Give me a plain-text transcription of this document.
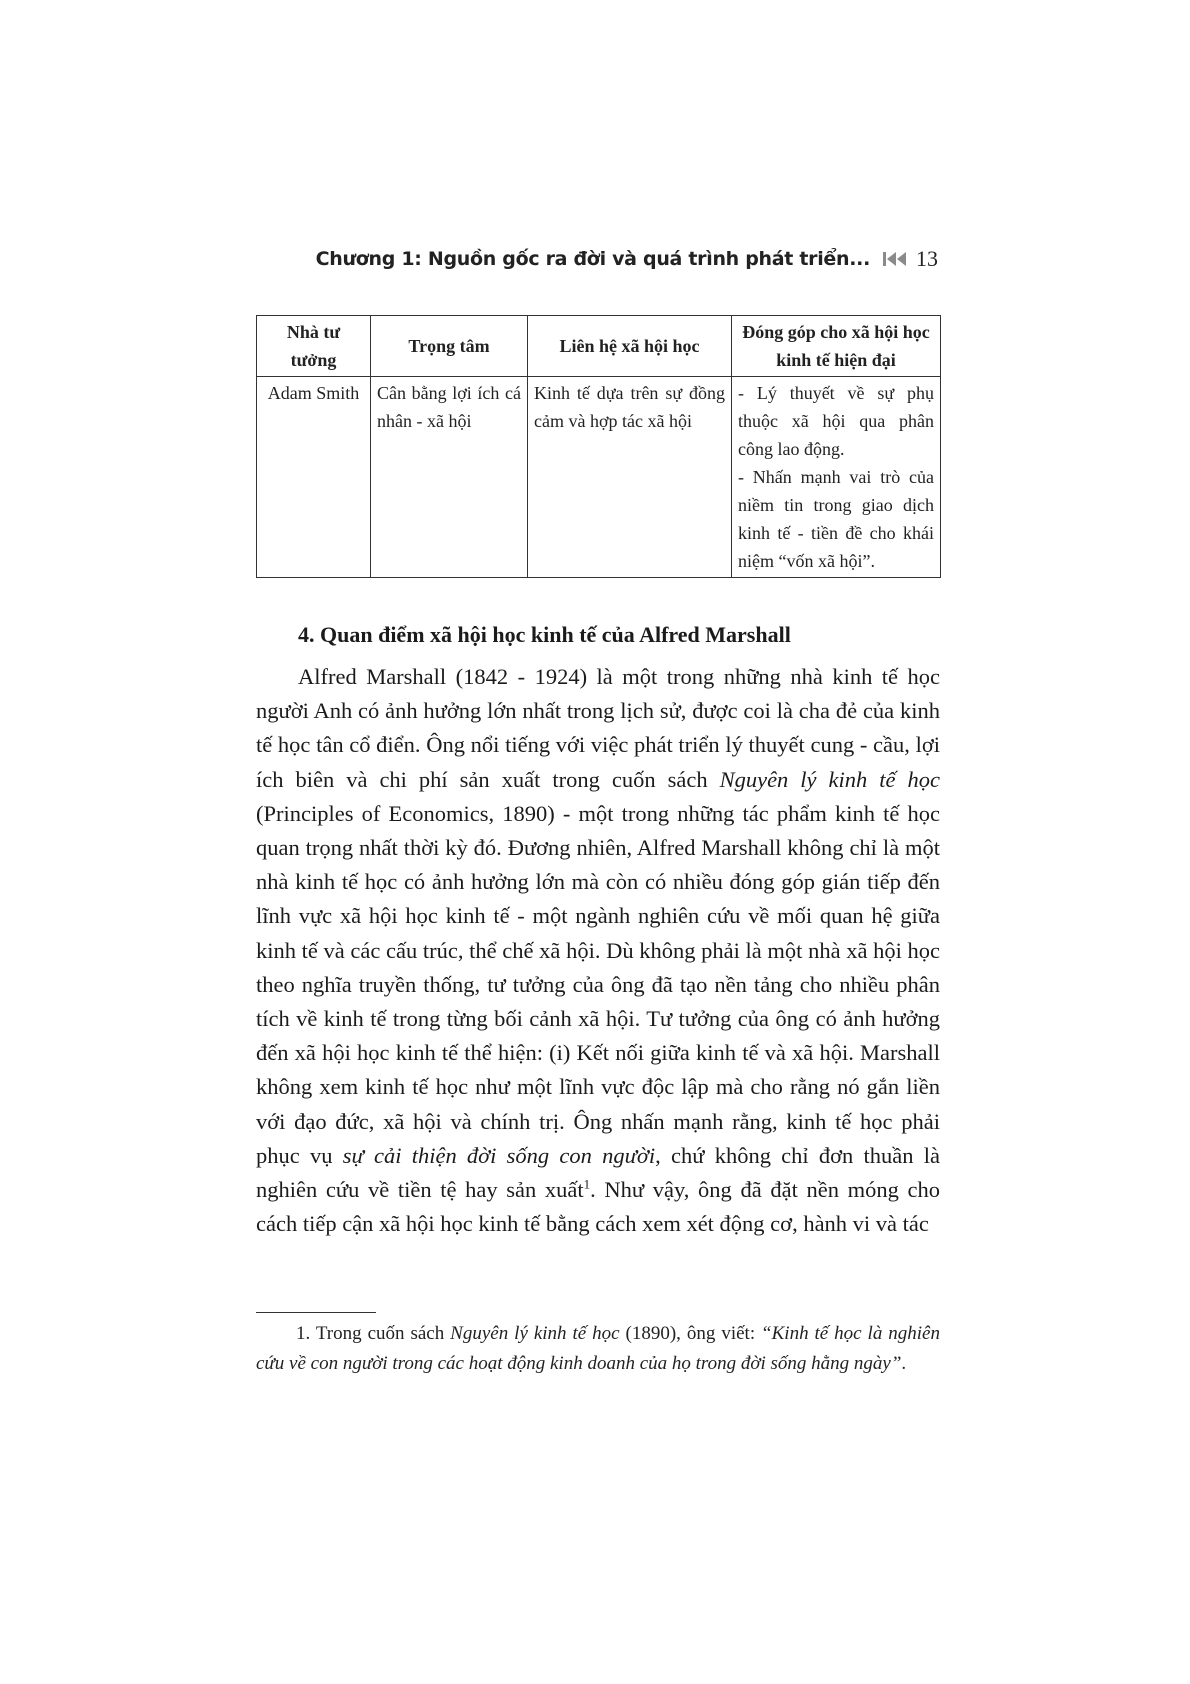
Chương 1: Nguồn gốc ra đời và quá trình phát triển... 13
Nhà tư tưởng	Trọng tâm	Liên hệ xã hội học	Đóng góp cho xã hội học kinh tế hiện đại
Adam Smith	Cân bằng lợi ích cá nhân - xã hội	Kinh tế dựa trên sự đồng cảm và hợp tác xã hội	- Lý thuyết về sự phụ thuộc xã hội qua phân công lao động.
- Nhấn mạnh vai trò của niềm tin trong giao dịch kinh tế - tiền đề cho khái niệm “vốn xã hội”.
4. Quan điểm xã hội học kinh tế của Alfred Marshall

Alfred Marshall (1842 - 1924) là một trong những nhà kinh tế học người Anh có ảnh hưởng lớn nhất trong lịch sử, được coi là cha đẻ của kinh tế học tân cổ điển. Ông nổi tiếng với việc phát triển lý thuyết cung - cầu, lợi ích biên và chi phí sản xuất trong cuốn sách Nguyên lý kinh tế học (Principles of Economics, 1890) - một trong những tác phẩm kinh tế học quan trọng nhất thời kỳ đó. Đương nhiên, Alfred Marshall không chỉ là một nhà kinh tế học có ảnh hưởng lớn mà còn có nhiều đóng góp gián tiếp đến lĩnh vực xã hội học kinh tế - một ngành nghiên cứu về mối quan hệ giữa kinh tế và các cấu trúc, thể chế xã hội. Dù không phải là một nhà xã hội học theo nghĩa truyền thống, tư tưởng của ông đã tạo nền tảng cho nhiều phân tích về kinh tế trong từng bối cảnh xã hội. Tư tưởng của ông có ảnh hưởng đến xã hội học kinh tế thể hiện: (i) Kết nối giữa kinh tế và xã hội. Marshall không xem kinh tế học như một lĩnh vực độc lập mà cho rằng nó gắn liền với đạo đức, xã hội và chính trị. Ông nhấn mạnh rằng, kinh tế học phải phục vụ sự cải thiện đời sống con người, chứ không chỉ đơn thuần là nghiên cứu về tiền tệ hay sản xuất$^1$. Như vậy, ông đã đặt nền móng cho cách tiếp cận xã hội học kinh tế bằng cách xem xét động cơ, hành vi và tác

1. Trong cuốn sách Nguyên lý kinh tế học (1890), ông viết: “Kinh tế học là nghiên cứu về con người trong các hoạt động kinh doanh của họ trong đời sống hằng ngày”.
